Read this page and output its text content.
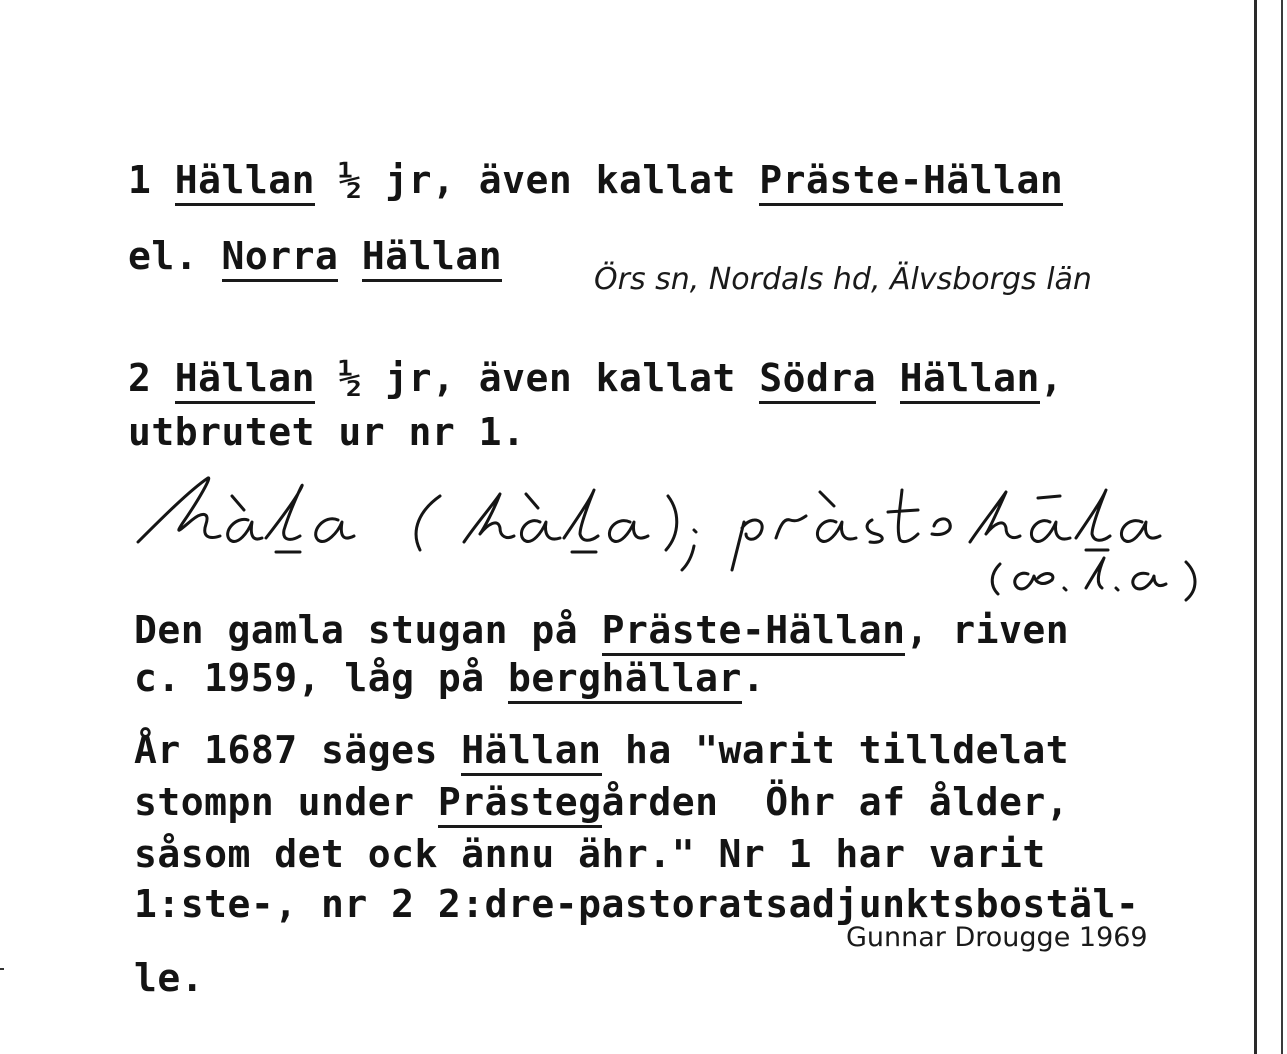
1 Hällan ½ jr, även kallat Präste-Hällan
el. Norra Hällan
Örs sn, Nordals hd, Älvsborgs län
2 Hällan ½ jr, även kallat Södra Hällan,
utbrutet ur nr 1.
Den gamla stugan på Präste-Hällan, riven
c. 1959, låg på berghällar.
År 1687 säges Hällan ha "warit tilldelat
stompn under Prästegården  Öhr af ålder,
såsom det ock ännu ähr." Nr 1 har varit
1:ste-, nr 2 2:dre-pastoratsadjunktsbostäl-
Gunnar Drougge 1969
le.
